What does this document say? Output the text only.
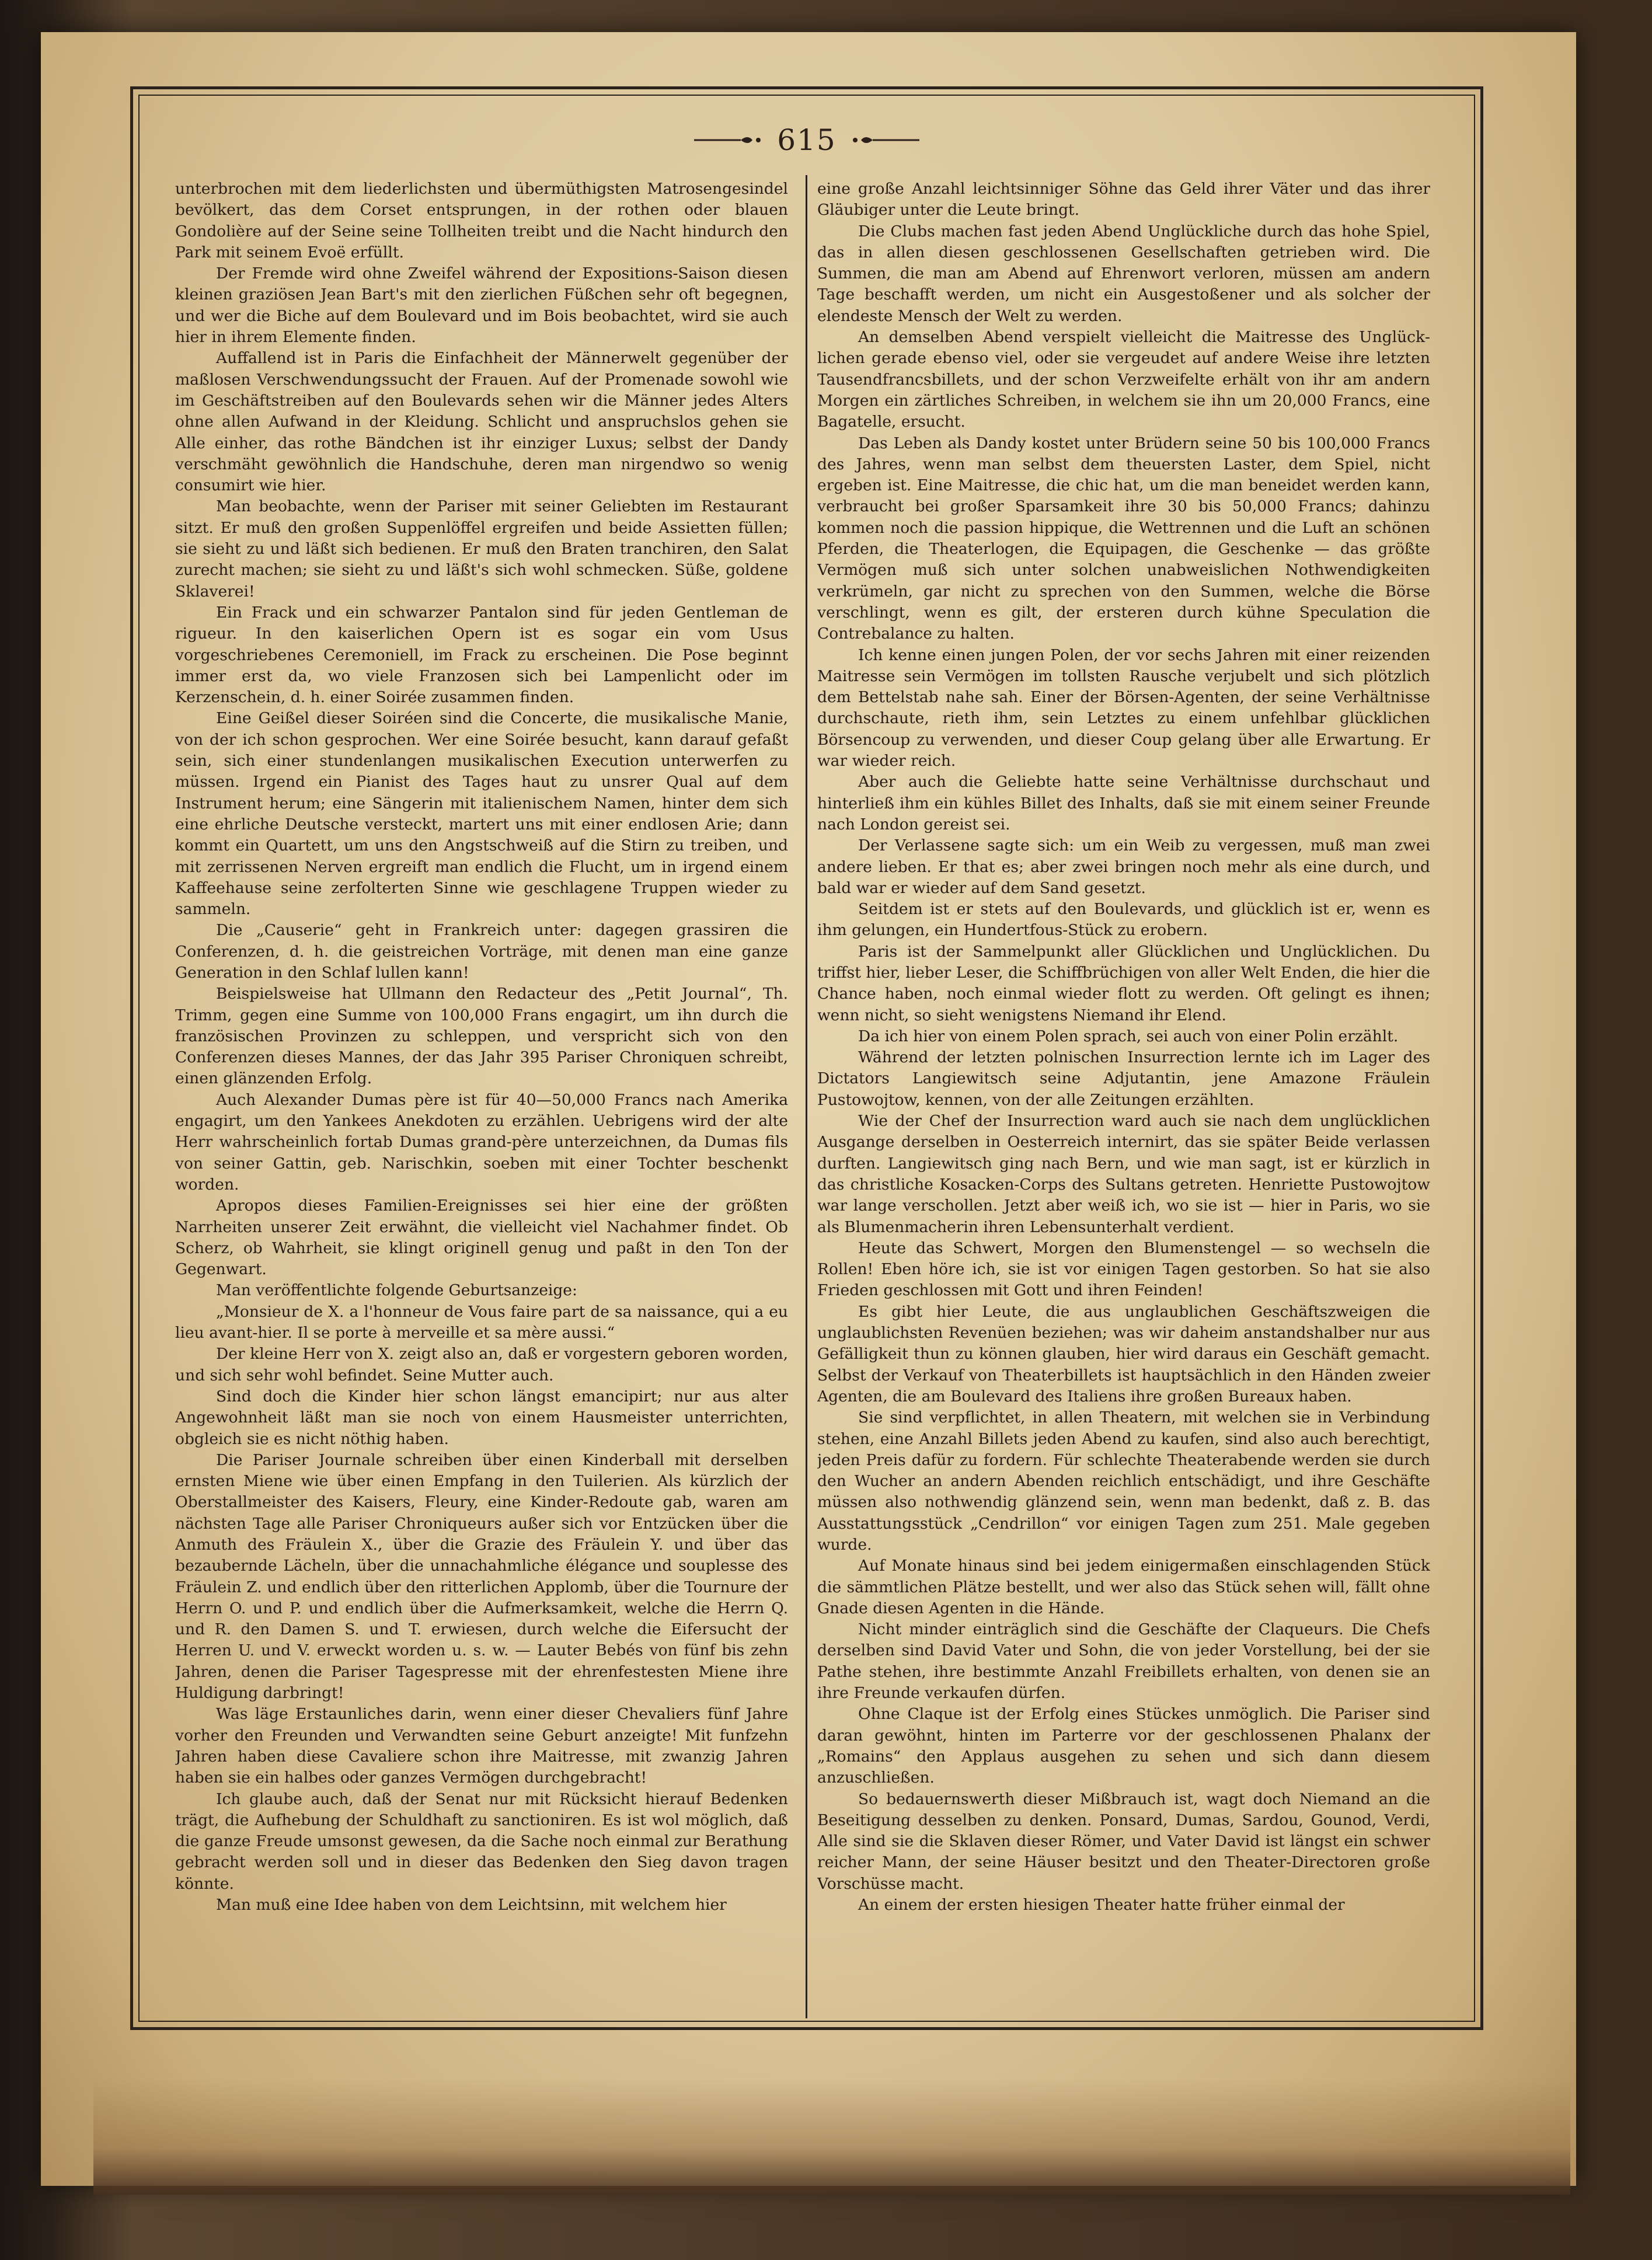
615

unterbrochen mit dem liederlichsten und übermüthigsten Matrosengesindel bevölkert, das dem Corset entsprungen, in der rothen oder blauen Gondolière auf der Seine seine Tollheiten treibt und die Nacht hindurch den Park mit seinem Evoë erfüllt.

Der Fremde wird ohne Zweifel während der Expositions-Saison diesen kleinen graziösen Jean Bart's mit den zierlichen Füßchen sehr oft begegnen, und wer die Biche auf dem Boulevard und im Bois beobachtet, wird sie auch hier in ihrem Elemente finden.

Auffallend ist in Paris die Einfachheit der Männerwelt gegenüber der maßlosen Verschwendungssucht der Frauen. Auf der Promenade sowohl wie im Geschäftstreiben auf den Boulevards sehen wir die Männer jedes Alters ohne allen Aufwand in der Kleidung. Schlicht und anspruchslos gehen sie Alle einher, das rothe Bändchen ist ihr einziger Luxus; selbst der Dandy verschmäht gewöhnlich die Handschuhe, deren man nirgendwo so wenig consumirt wie hier.

Man beobachte, wenn der Pariser mit seiner Geliebten im Restaurant sitzt. Er muß den großen Suppenlöffel ergreifen und beide Assietten füllen; sie sieht zu und läßt sich bedienen. Er muß den Braten tranchiren, den Salat zurecht machen; sie sieht zu und läßt's sich wohl schmecken. Süße, goldene Sklaverei!

Ein Frack und ein schwarzer Pantalon sind für jeden Gentleman de rigueur. In den kaiserlichen Opern ist es sogar ein vom Usus vorgeschriebenes Ceremoniell, im Frack zu erscheinen. Die Pose beginnt immer erst da, wo viele Franzosen sich bei Lampenlicht oder im Kerzenschein, d. h. einer Soirée zusammen finden.

Eine Geißel dieser Soiréen sind die Concerte, die musikalische Manie, von der ich schon gesprochen. Wer eine Soirée besucht, kann darauf gefaßt sein, sich einer stundenlangen musikalischen Execution unterwerfen zu müssen. Irgend ein Pianist des Tages haut zu unsrer Qual auf dem Instrument herum; eine Sängerin mit italienischem Namen, hinter dem sich eine ehrliche Deutsche versteckt, martert uns mit einer endlosen Arie; dann kommt ein Quartett, um uns den Angstschweiß auf die Stirn zu treiben, und mit zerrissenen Nerven ergreift man endlich die Flucht, um in irgend einem Kaffeehause seine zerfolterten Sinne wie geschlagene Truppen wieder zu sammeln.

Die „Causerie“ geht in Frankreich unter: dagegen grassiren die Conferenzen, d. h. die geistreichen Vorträge, mit denen man eine ganze Generation in den Schlaf lullen kann!

Beispielsweise hat Ullmann den Redacteur des „Petit Journal“, Th. Trimm, gegen eine Summe von 100,000 Frans engagirt, um ihn durch die französischen Provinzen zu schleppen, und verspricht sich von den Conferenzen dieses Mannes, der das Jahr 395 Pariser Chroniquen schreibt, einen glänzenden Erfolg.

Auch Alexander Dumas père ist für 40—50,000 Francs nach Amerika engagirt, um den Yankees Anekdoten zu erzählen. Uebrigens wird der alte Herr wahrscheinlich fortab Dumas grand-père unterzeichnen, da Dumas fils von seiner Gattin, geb. Narischkin, soeben mit einer Tochter beschenkt worden.

Apropos dieses Familien-Ereignisses sei hier eine der größten Narrheiten unserer Zeit erwähnt, die vielleicht viel Nachahmer findet. Ob Scherz, ob Wahrheit, sie klingt originell genug und paßt in den Ton der Gegenwart.

Man veröffentlichte folgende Geburtsanzeige:

„Monsieur de X. a l'honneur de Vous faire part de sa naissance, qui a eu lieu avant-hier. Il se porte à merveille et sa mère aussi.“

Der kleine Herr von X. zeigt also an, daß er vorgestern geboren worden, und sich sehr wohl befindet. Seine Mutter auch.

Sind doch die Kinder hier schon längst emancipirt; nur aus alter Angewohnheit läßt man sie noch von einem Hausmeister unterrichten, obgleich sie es nicht nöthig haben.

Die Pariser Journale schreiben über einen Kinderball mit derselben ernsten Miene wie über einen Empfang in den Tuilerien. Als kürzlich der Oberstallmeister des Kaisers, Fleury, eine Kinder-Redoute gab, waren am nächsten Tage alle Pariser Chroniqueurs außer sich vor Entzücken über die Anmuth des Fräulein X., über die Grazie des Fräulein Y. und über das bezaubernde Lächeln, über die unnachahmliche élégance und souplesse des Fräulein Z. und endlich über den ritterlichen Applomb, über die Tournure der Herrn O. und P. und endlich über die Aufmerksamkeit, welche die Herrn Q. und R. den Damen S. und T. erwiesen, durch welche die Eifersucht der Herren U. und V. erweckt worden u. s. w. — Lauter Bebés von fünf bis zehn Jahren, denen die Pariser Tagespresse mit der ehrenfestesten Miene ihre Huldigung darbringt!

Was läge Erstaunliches darin, wenn einer dieser Chevaliers fünf Jahre vorher den Freunden und Verwandten seine Geburt anzeigte! Mit funfzehn Jahren haben diese Cavaliere schon ihre Maitresse, mit zwanzig Jahren haben sie ein halbes oder ganzes Vermögen durchgebracht!

Ich glaube auch, daß der Senat nur mit Rücksicht hierauf Bedenken trägt, die Aufhebung der Schuldhaft zu sanctioniren. Es ist wol möglich, daß die ganze Freude umsonst gewesen, da die Sache noch einmal zur Berathung gebracht werden soll und in dieser das Bedenken den Sieg davon tragen könnte.

Man muß eine Idee haben von dem Leichtsinn, mit welchem hier

eine große Anzahl leichtsinniger Söhne das Geld ihrer Väter und das ihrer Gläubiger unter die Leute bringt.

Die Clubs machen fast jeden Abend Unglückliche durch das hohe Spiel, das in allen diesen geschlossenen Gesellschaften getrieben wird. Die Summen, die man am Abend auf Ehrenwort verloren, müssen am andern Tage beschafft werden, um nicht ein Ausgestoßener und als solcher der elendeste Mensch der Welt zu werden.

An demselben Abend verspielt vielleicht die Maitresse des Unglücklichen gerade ebenso viel, oder sie vergeudet auf andere Weise ihre letzten Tausendfrancsbillets, und der schon Verzweifelte erhält von ihr am andern Morgen ein zärtliches Schreiben, in welchem sie ihn um 20,000 Francs, eine Bagatelle, ersucht.

Das Leben als Dandy kostet unter Brüdern seine 50 bis 100,000 Francs des Jahres, wenn man selbst dem theuersten Laster, dem Spiel, nicht ergeben ist. Eine Maitresse, die chic hat, um die man beneidet werden kann, verbraucht bei großer Sparsamkeit ihre 30 bis 50,000 Francs; dahinzu kommen noch die passion hippique, die Wettrennen und die Luft an schönen Pferden, die Theaterlogen, die Equipagen, die Geschenke — das größte Vermögen muß sich unter solchen unabweislichen Nothwendigkeiten verkrümeln, gar nicht zu sprechen von den Summen, welche die Börse verschlingt, wenn es gilt, der ersteren durch kühne Speculation die Contrebalance zu halten.

Ich kenne einen jungen Polen, der vor sechs Jahren mit einer reizenden Maitresse sein Vermögen im tollsten Rausche verjubelt und sich plötzlich dem Bettelstab nahe sah. Einer der Börsen-Agenten, der seine Verhältnisse durchschaute, rieth ihm, sein Letztes zu einem unfehlbar glücklichen Börsencoup zu verwenden, und dieser Coup gelang über alle Erwartung. Er war wieder reich.

Aber auch die Geliebte hatte seine Verhältnisse durchschaut und hinterließ ihm ein kühles Billet des Inhalts, daß sie mit einem seiner Freunde nach London gereist sei.

Der Verlassene sagte sich: um ein Weib zu vergessen, muß man zwei andere lieben. Er that es; aber zwei bringen noch mehr als eine durch, und bald war er wieder auf dem Sand gesetzt.

Seitdem ist er stets auf den Boulevards, und glücklich ist er, wenn es ihm gelungen, ein Hundertfous-Stück zu erobern.

Paris ist der Sammelpunkt aller Glücklichen und Unglücklichen. Du triffst hier, lieber Leser, die Schiffbrüchigen von aller Welt Enden, die hier die Chance haben, noch einmal wieder flott zu werden. Oft gelingt es ihnen; wenn nicht, so sieht wenigstens Niemand ihr Elend.

Da ich hier von einem Polen sprach, sei auch von einer Polin erzählt.

Während der letzten polnischen Insurrection lernte ich im Lager des Dictators Langiewitsch seine Adjutantin, jene Amazone Fräulein Pustowojtow, kennen, von der alle Zeitungen erzählten.

Wie der Chef der Insurrection ward auch sie nach dem unglücklichen Ausgange derselben in Oesterreich internirt, das sie später Beide verlassen durften. Langiewitsch ging nach Bern, und wie man sagt, ist er kürzlich in das christliche Kosacken-Corps des Sultans getreten. Henriette Pustowojtow war lange verschollen. Jetzt aber weiß ich, wo sie ist — hier in Paris, wo sie als Blumenmacherin ihren Lebensunterhalt verdient.

Heute das Schwert, Morgen den Blumenstengel — so wechseln die Rollen! Eben höre ich, sie ist vor einigen Tagen gestorben. So hat sie also Frieden geschlossen mit Gott und ihren Feinden!

Es gibt hier Leute, die aus unglaublichen Geschäftszweigen die unglaublichsten Revenüen beziehen; was wir daheim anstandshalber nur aus Gefälligkeit thun zu können glauben, hier wird daraus ein Geschäft gemacht. Selbst der Verkauf von Theaterbillets ist hauptsächlich in den Händen zweier Agenten, die am Boulevard des Italiens ihre großen Bureaux haben.

Sie sind verpflichtet, in allen Theatern, mit welchen sie in Verbindung stehen, eine Anzahl Billets jeden Abend zu kaufen, sind also auch berechtigt, jeden Preis dafür zu fordern. Für schlechte Theaterabende werden sie durch den Wucher an andern Abenden reichlich entschädigt, und ihre Geschäfte müssen also nothwendig glänzend sein, wenn man bedenkt, daß z. B. das Ausstattungsstück „Cendrillon“ vor einigen Tagen zum 251. Male gegeben wurde.

Auf Monate hinaus sind bei jedem einigermaßen einschlagenden Stück die sämmtlichen Plätze bestellt, und wer also das Stück sehen will, fällt ohne Gnade diesen Agenten in die Hände.

Nicht minder einträglich sind die Geschäfte der Claqueurs. Die Chefs derselben sind David Vater und Sohn, die von jeder Vorstellung, bei der sie Pathe stehen, ihre bestimmte Anzahl Freibillets erhalten, von denen sie an ihre Freunde verkaufen dürfen.

Ohne Claque ist der Erfolg eines Stückes unmöglich. Die Pariser sind daran gewöhnt, hinten im Parterre vor der geschlossenen Phalanx der „Romains“ den Applaus ausgehen zu sehen und sich dann diesem anzuschließen.

So bedauernswerth dieser Mißbrauch ist, wagt doch Niemand an die Beseitigung desselben zu denken. Ponsard, Dumas, Sardou, Gounod, Verdi, Alle sind sie die Sklaven dieser Römer, und Vater David ist längst ein schwer reicher Mann, der seine Häuser besitzt und den Theater-Directoren große Vorschüsse macht.

An einem der ersten hiesigen Theater hatte früher einmal der
